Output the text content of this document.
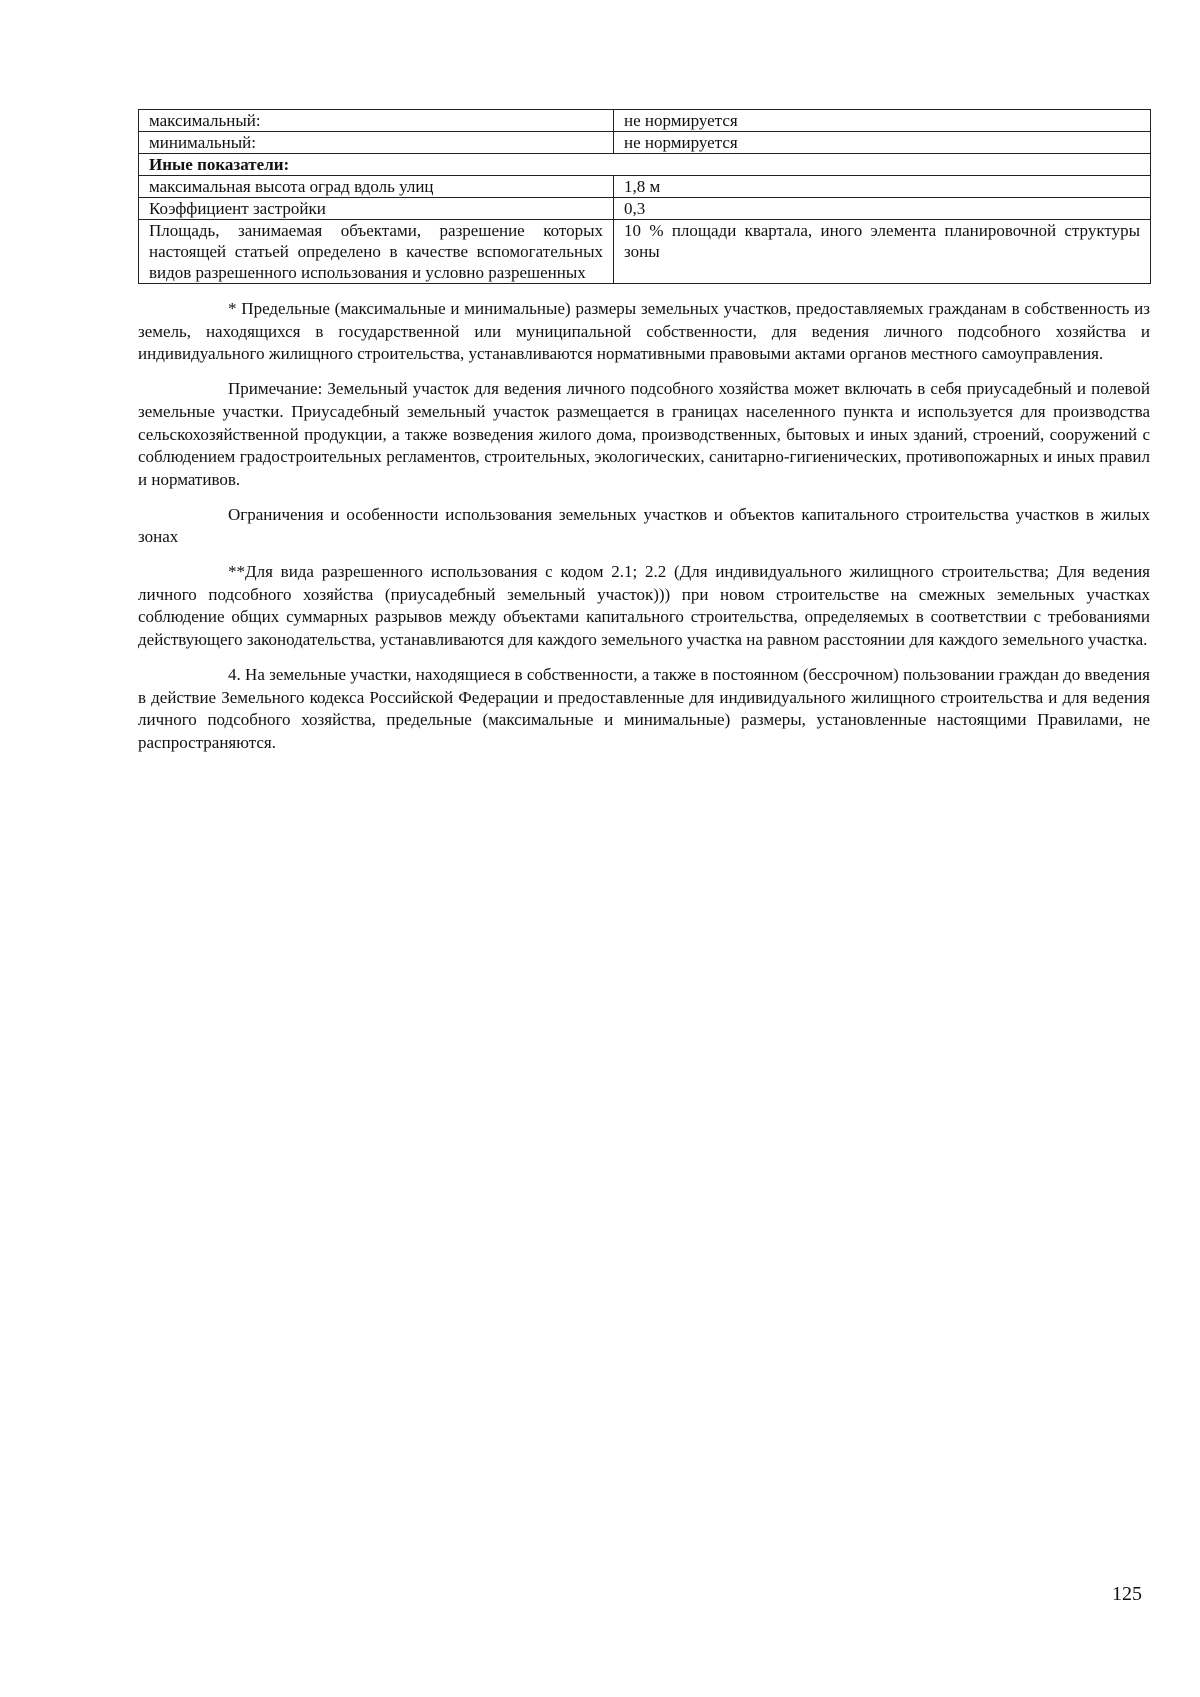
максимальный:	не нормируется
минимальный:	не нормируется
Иные показатели:	
максимальная высота оград вдоль улиц	1,8 м
Коэффициент застройки	0,3
Площадь, занимаемая объектами, разрешение которых настоящей статьей определено в качестве вспомогательных видов разрешенного использования и условно разрешенных	10 % площади квартала, иного элемента планировочной структуры зоны

* Предельные (максимальные и минимальные) размеры земельных участков, предоставляемых гражданам в собственность из земель, находящихся в государственной или муниципальной собственности, для ведения личного подсобного хозяйства и индивидуального жилищного строительства, устанавливаются нормативными правовыми актами органов местного самоуправления.

Примечание: Земельный участок для ведения личного подсобного хозяйства может включать в себя приусадебный и полевой земельные участки. Приусадебный земельный участок размещается в границах населенного пункта и используется для производства сельскохозяйственной продукции, а также возведения жилого дома, производственных, бытовых и иных зданий, строений, сооружений с соблюдением градостроительных регламентов, строительных, экологических, санитарно-гигиенических, противопожарных и иных правил и нормативов.

Ограничения и особенности использования земельных участков и объектов капитального строительства участков в жилых зонах

**Для вида разрешенного использования с кодом 2.1; 2.2 (Для индивидуального жилищного строительства; Для ведения личного подсобного хозяйства (приусадебный земельный участок))) при новом строительстве на смежных земельных участках соблюдение общих суммарных разрывов между объектами капитального строительства, определяемых в соответствии с требованиями действующего законодательства, устанавливаются для каждого земельного участка на равном расстоянии для каждого земельного участка.

4. На земельные участки, находящиеся в собственности, а также в постоянном (бессрочном) пользовании граждан до введения в действие Земельного кодекса Российской Федерации и предоставленные для индивидуального жилищного строительства и для ведения личного подсобного хозяйства, предельные (максимальные и минимальные) размеры, установленные настоящими Правилами, не распространяются.

125
